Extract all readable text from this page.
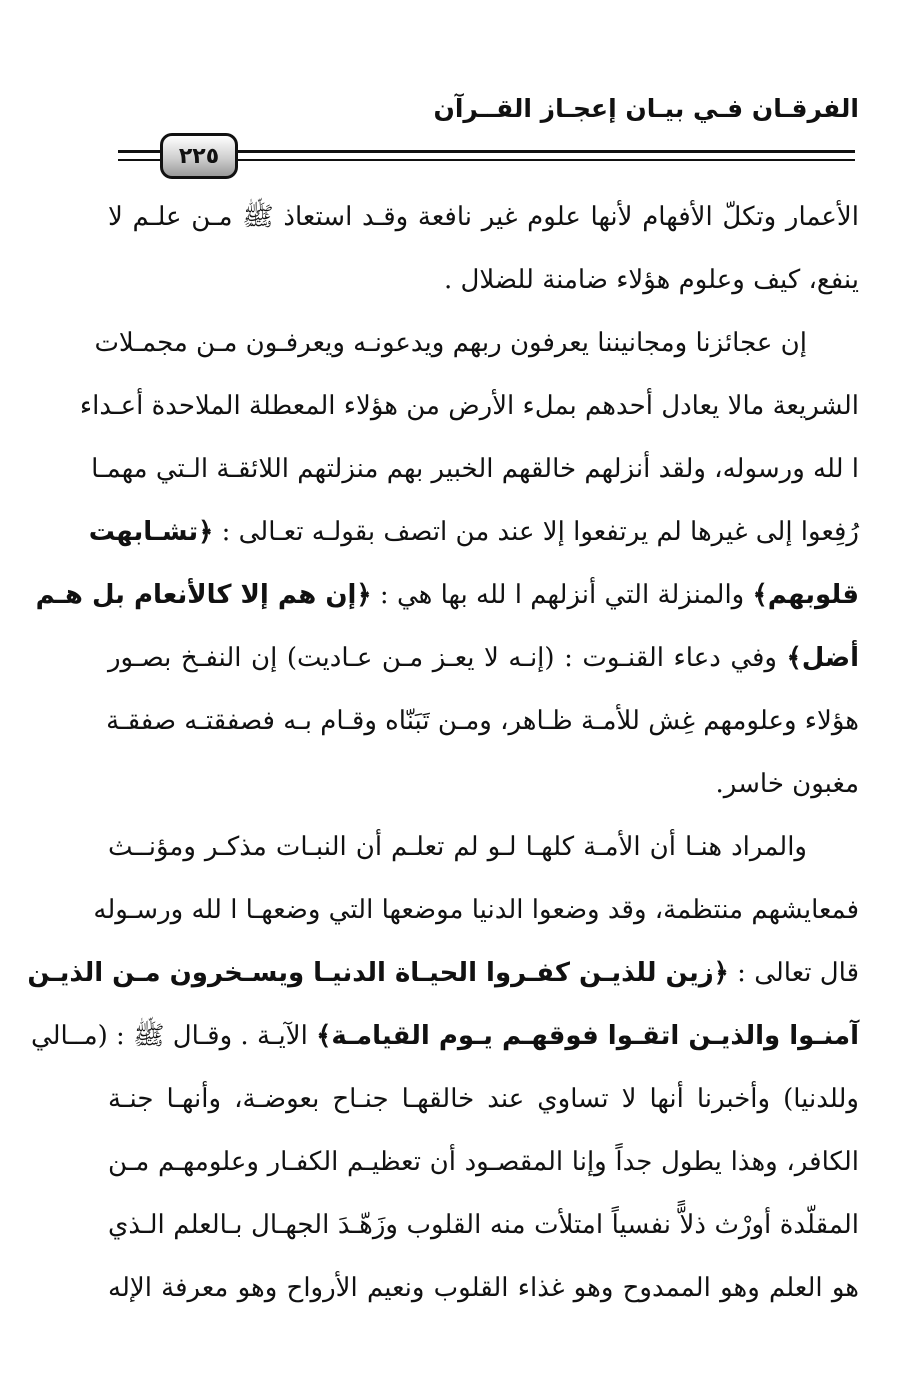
الفرقـان فـي بيـان إعجـاز القــرآن
٢٢٥
الأعمار وتكلّ الأفهام لأنها علوم غير نافعة وقـد استعاذ ﷺ مـن علـم لا
ينفع، كيف وعلوم هؤلاء ضامنة للضلال .
إن عجائزنا ومجانيننا يعرفون ربهم ويدعونـه ويعرفـون مـن مجمـلات
الشريعة مالا يعادل أحدهم بملء الأرض من هؤلاء المعطلة الملاحدة أعـداء
ا لله ورسوله، ولقد أنزلهم خالقهم الخبير بهم منزلتهم اللائقـة الـتي مهمـا
رُفِعوا إلى غيرها لم يرتفعوا إلا عند من اتصف بقولـه تعـالى : ﴿تشـابهت
قلوبهم﴾ والمنزلة التي أنزلهم ا لله بها هي : ﴿إن هم إلا كالأنعام بل هـم
أضل﴾ وفي دعاء القنـوت : (إنـه لا يعـز مـن عـاديت) إن النفـخ بصـور
هؤلاء وعلومهم غِش للأمـة ظـاهر، ومـن تَبَنّاه وقـام بـه فصفقتـه صفقـة
مغبون خاسر.
والمراد هنـا أن الأمـة كلهـا لـو لم تعلـم أن النبـات مذكـر ومؤنــث
فمعايشهم منتظمة، وقد وضعوا الدنيا موضعها التي وضعهـا ا لله ورسـوله
قال تعالى : ﴿زين للذيـن كفـروا الحيـاة الدنيـا ويسـخرون مـن الذيـن
آمنـوا والذيـن اتقـوا فوقهـم يـوم القيامـة﴾ الآيـة . وقـال ﷺ : (مــالي
وللدنيا) وأخبرنا أنها لا تساوي عند خالقهـا جنـاح بعوضـة، وأنهـا جنـة
الكافر، وهذا يطول جداً وإنا المقصـود أن تعظيـم الكفـار وعلومهـم مـن
المقلّدة أورْث ذلاًّ نفسياً امتلأت منه القلوب وزَهّـدَ الجهـال بـالعلم الـذي
هو العلم وهو الممدوح وهو غذاء القلوب ونعيم الأرواح وهو معرفة الإله
